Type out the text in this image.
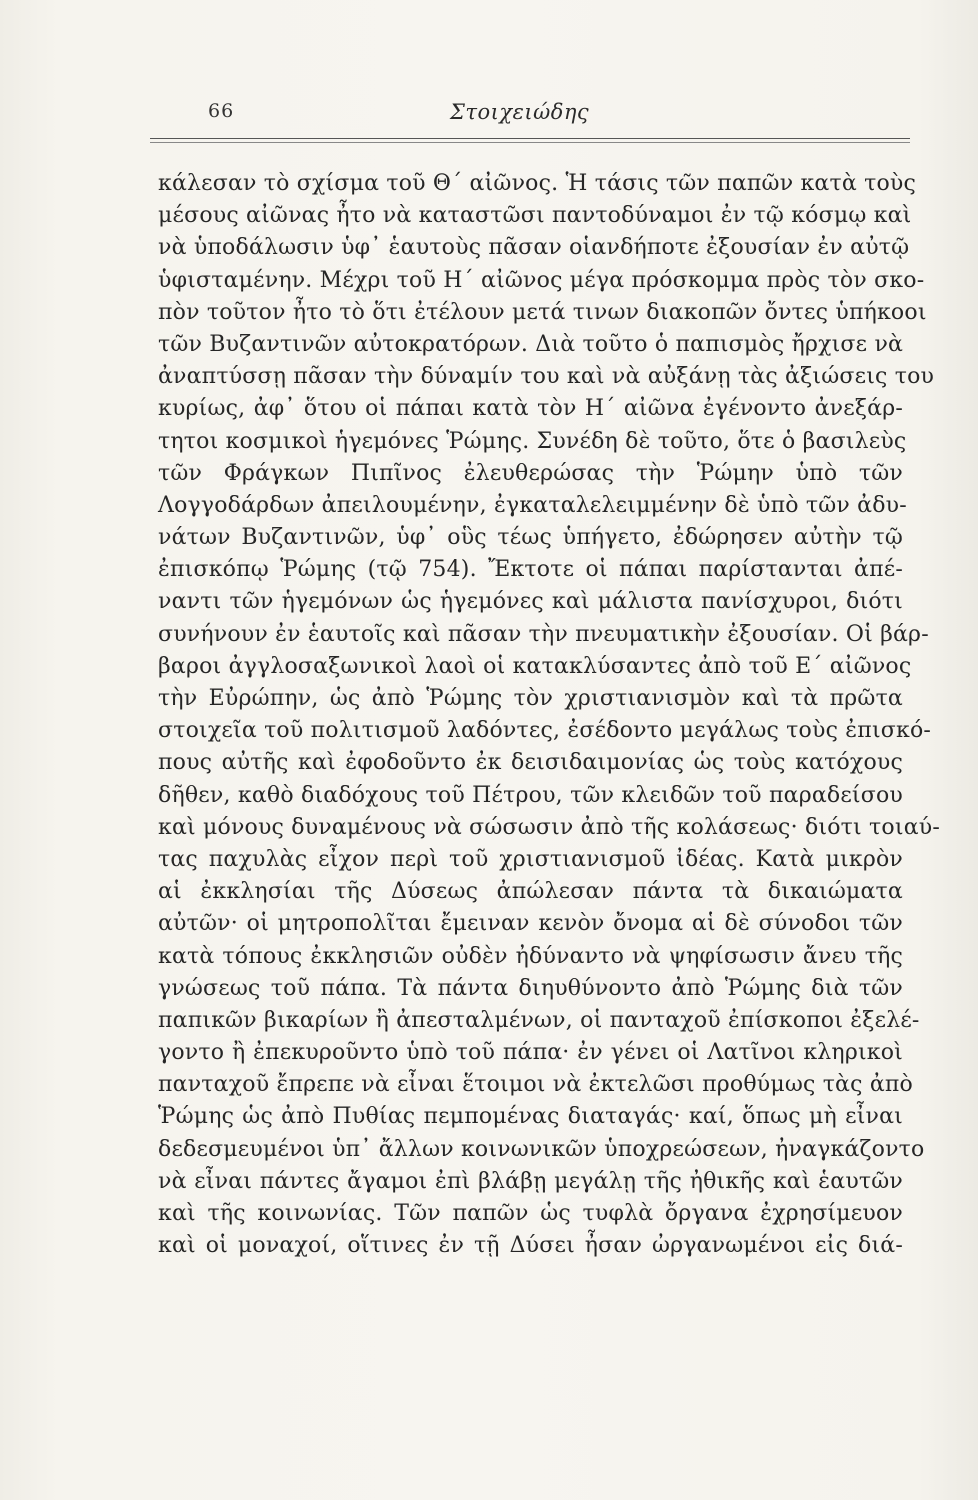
66	Στοιχειώδης
κάλεσαν τὸ σχίσμα τοῦ Θ΄ αἰῶνος. Ἡ τάσις τῶν παπῶν κατὰ τοὺς
μέσους αἰῶνας ἦτο νὰ καταστῶσι παντοδύναμοι ἐν τῷ κόσμῳ καὶ
νὰ ὑποδάλωσιν ὑφ᾽ ἑαυτοὺς πᾶσαν οἱανδήποτε ἐξουσίαν ἐν αὐτῷ
ὑφισταμένην. Μέχρι τοῦ Η΄ αἰῶνος μέγα πρόσκομμα πρὸς τὸν σκο-
πὸν τοῦτον ἦτο τὸ ὅτι ἐτέλουν μετά τινων διακοπῶν ὄντες ὑπήκοοι
τῶν Βυζαντινῶν αὐτοκρατόρων. Διὰ τοῦτο ὁ παπισμὸς ἤρχισε νὰ
ἀναπτύσσῃ πᾶσαν τὴν δύναμίν του καὶ νὰ αὐξάνῃ τὰς ἀξιώσεις του
κυρίως, ἀφ᾽ ὅτου οἱ πάπαι κατὰ τὸν Η΄ αἰῶνα ἐγένοντο ἀνεξάρ-
τητοι κοσμικοὶ ἡγεμόνες Ῥώμης. Συνέδη δὲ τοῦτο, ὅτε ὁ βασιλεὺς
τῶν Φράγκων Πιπῖνος ἐλευθερώσας τὴν Ῥώμην ὑπὸ τῶν
Λογγοδάρδων ἀπειλουμένην, ἐγκαταλελειμμένην δὲ ὑπὸ τῶν ἀδυ-
νάτων Βυζαντινῶν, ὑφ᾽ οὓς τέως ὑπήγετο, ἐδώρησεν αὐτὴν τῷ
ἐπισκόπῳ Ῥώμης (τῷ 754). Ἔκτοτε οἱ πάπαι παρίστανται ἀπέ-
ναντι τῶν ἡγεμόνων ὡς ἡγεμόνες καὶ μάλιστα πανίσχυροι, διότι
συνήνουν ἐν ἑαυτοῖς καὶ πᾶσαν τὴν πνευματικὴν ἐξουσίαν. Οἱ βάρ-
βαροι ἀγγλοσαξωνικοὶ λαοὶ οἱ κατακλύσαντες ἀπὸ τοῦ Ε΄ αἰῶνος
τὴν Εὐρώπην, ὡς ἀπὸ Ῥώμης τὸν χριστιανισμὸν καὶ τὰ πρῶτα
στοιχεῖα τοῦ πολιτισμοῦ λαδόντες, ἐσέδοντο μεγάλως τοὺς ἐπισκό-
πους αὐτῆς καὶ ἐφοδοῦντο ἐκ δεισιδαιμονίας ὡς τοὺς κατόχους
δῆθεν, καθὸ διαδόχους τοῦ Πέτρου, τῶν κλειδῶν τοῦ παραδείσου
καὶ μόνους δυναμένους νὰ σώσωσιν ἀπὸ τῆς κολάσεως· διότι τοιαύ-
τας παχυλὰς εἶχον περὶ τοῦ χριστιανισμοῦ ἰδέας. Κατὰ μικρὸν
αἱ ἐκκλησίαι τῆς Δύσεως ἀπώλεσαν πάντα τὰ δικαιώματα
αὐτῶν· οἱ μητροπολῖται ἔμειναν κενὸν ὄνομα αἱ δὲ σύνοδοι τῶν
κατὰ τόπους ἐκκλησιῶν οὐδὲν ἠδύναντο νὰ ψηφίσωσιν ἄνευ τῆς
γνώσεως τοῦ πάπα. Τὰ πάντα διηυθύνοντο ἀπὸ Ῥώμης διὰ τῶν
παπικῶν βικαρίων ἢ ἀπεσταλμένων, οἱ πανταχοῦ ἐπίσκοποι ἐξελέ-
γοντο ἢ ἐπεκυροῦντο ὑπὸ τοῦ πάπα· ἐν γένει οἱ Λατῖνοι κληρικοὶ
πανταχοῦ ἔπρεπε νὰ εἶναι ἕτοιμοι νὰ ἐκτελῶσι προθύμως τὰς ἀπὸ
Ῥώμης ὡς ἀπὸ Πυθίας πεμπομένας διαταγάς· καί, ὅπως μὴ εἶναι
δεδεσμευμένοι ὑπ᾽ ἄλλων κοινωνικῶν ὑποχρεώσεων, ἠναγκάζοντο
νὰ εἶναι πάντες ἄγαμοι ἐπὶ βλάβῃ μεγάλῃ τῆς ἠθικῆς καὶ ἑαυτῶν
καὶ τῆς κοινωνίας. Τῶν παπῶν ὡς τυφλὰ ὄργανα ἐχρησίμευον
καὶ οἱ μοναχοί, οἵτινες ἐν τῇ Δύσει ἦσαν ὠργανωμένοι εἰς διά-
